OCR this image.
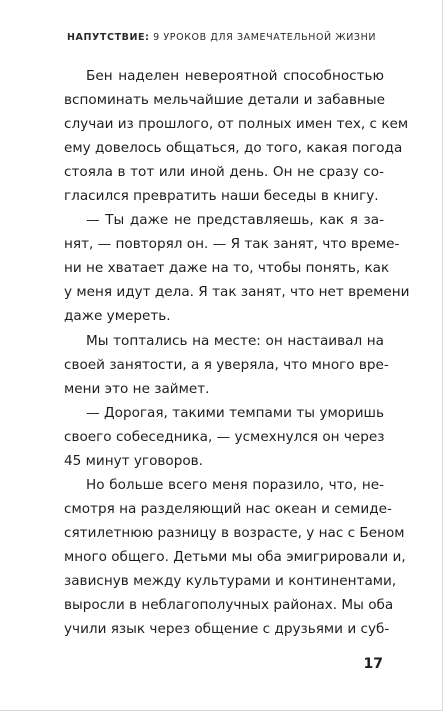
НАПУТСТВИЕ: 9 УРОКОВ ДЛЯ ЗАМЕЧАТЕЛЬНОЙ ЖИЗНИ
Бен наделен невероятной способностью
вспоминать мельчайшие детали и забавные
случаи из прошлого, от полных имен тех, с кем
ему довелось общаться, до того, какая погода
стояла в тот или иной день. Он не сразу со-
гласился превратить наши беседы в книгу.
— Ты даже не представляешь, как я за-
нят, — повторял он. — Я так занят, что време-
ни не хватает даже на то, чтобы понять, как
у меня идут дела. Я так занят, что нет времени
даже умереть.
Мы топтались на месте: он настаивал на
своей занятости, а я уверяла, что много вре-
мени это не займет.
— Дорогая, такими темпами ты уморишь
своего собеседника, — усмехнулся он через
45 минут уговоров.
Но больше всего меня поразило, что, не-
смотря на разделяющий нас океан и семиде-
сятилетнюю разницу в возрасте, у нас с Беном
много общего. Детьми мы оба эмигрировали и,
зависнув между культурами и континентами,
выросли в неблагополучных районах. Мы оба
учили язык через общение с друзьями и суб-
17
